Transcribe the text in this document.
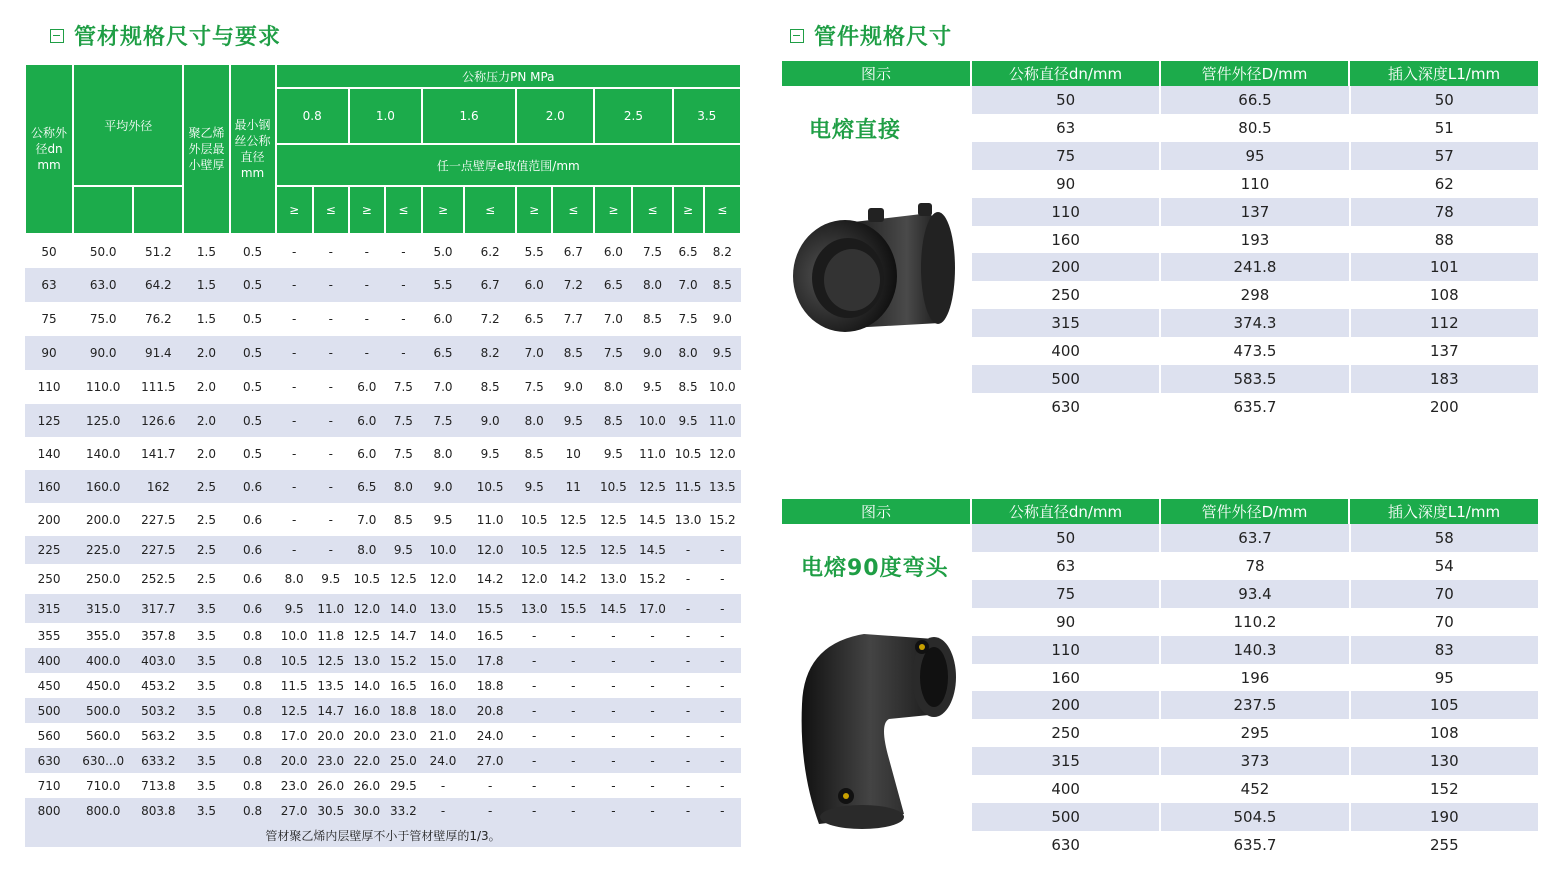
管材规格尺寸与要求
公称外径dn mm	平均外径		聚乙烯外层最小壁厚	最小钢丝公称直径mm	公称压力PN MPa											
					0.8		1.0		1.6		2.0		2.5		3.5	
					任一点壁厚e取值范围/mm											
					≥	≤	≥	≤	≥	≤	≥	≤	≥	≤	≥	≤
50	50.0	51.2	1.5	0.5	-	-	-	-	5.0	6.2	5.5	6.7	6.0	7.5	6.5	8.2
63	63.0	64.2	1.5	0.5	-	-	-	-	5.5	6.7	6.0	7.2	6.5	8.0	7.0	8.5
75	75.0	76.2	1.5	0.5	-	-	-	-	6.0	7.2	6.5	7.7	7.0	8.5	7.5	9.0
90	90.0	91.4	2.0	0.5	-	-	-	-	6.5	8.2	7.0	8.5	7.5	9.0	8.0	9.5
110	110.0	111.5	2.0	0.5	-	-	6.0	7.5	7.0	8.5	7.5	9.0	8.0	9.5	8.5	10.0
125	125.0	126.6	2.0	0.5	-	-	6.0	7.5	7.5	9.0	8.0	9.5	8.5	10.0	9.5	11.0
140	140.0	141.7	2.0	0.5	-	-	6.0	7.5	8.0	9.5	8.5	10	9.5	11.0	10.5	12.0
160	160.0	162	2.5	0.6	-	-	6.5	8.0	9.0	10.5	9.5	11	10.5	12.5	11.5	13.5
200	200.0	227.5	2.5	0.6	-	-	7.0	8.5	9.5	11.0	10.5	12.5	12.5	14.5	13.0	15.2
225	225.0	227.5	2.5	0.6	-	-	8.0	9.5	10.0	12.0	10.5	12.5	12.5	14.5	-	-
250	250.0	252.5	2.5	0.6	8.0	9.5	10.5	12.5	12.0	14.2	12.0	14.2	13.0	15.2	-	-
315	315.0	317.7	3.5	0.6	9.5	11.0	12.0	14.0	13.0	15.5	13.0	15.5	14.5	17.0	-	-
355	355.0	357.8	3.5	0.8	10.0	11.8	12.5	14.7	14.0	16.5	-	-	-	-	-	-
400	400.0	403.0	3.5	0.8	10.5	12.5	13.0	15.2	15.0	17.8	-	-	-	-	-	-
450	450.0	453.2	3.5	0.8	11.5	13.5	14.0	16.5	16.0	18.8	-	-	-	-	-	-
500	500.0	503.2	3.5	0.8	12.5	14.7	16.0	18.8	18.0	20.8	-	-	-	-	-	-
560	560.0	563.2	3.5	0.8	17.0	20.0	20.0	23.0	21.0	24.0	-	-	-	-	-	-
630	630...0	633.2	3.5	0.8	20.0	23.0	22.0	25.0	24.0	27.0	-	-	-	-	-	-
710	710.0	713.8	3.5	0.8	23.0	26.0	26.0	29.5	-	-	-	-	-	-	-	-
800	800.0	803.8	3.5	0.8	27.0	30.5	30.0	33.2	-	-	-	-	-	-	-	-
管材聚乙烯内层壁厚不小于管材壁厚的1/3。																
管件规格尺寸
图示	公称直径dn/mm	管件外径D/mm	插入深度L1/mm
电熔直接
50	66.5	50
63	80.5	51
75	95	57
90	110	62
110	137	78
160	193	88
200	241.8	101
250	298	108
315	374.3	112
400	473.5	137
500	583.5	183
630	635.7	200
图示	公称直径dn/mm	管件外径D/mm	插入深度L1/mm
电熔90度弯头
50	63.7	58
63	78	54
75	93.4	70
90	110.2	70
110	140.3	83
160	196	95
200	237.5	105
250	295	108
315	373	130
400	452	152
500	504.5	190
630	635.7	255
